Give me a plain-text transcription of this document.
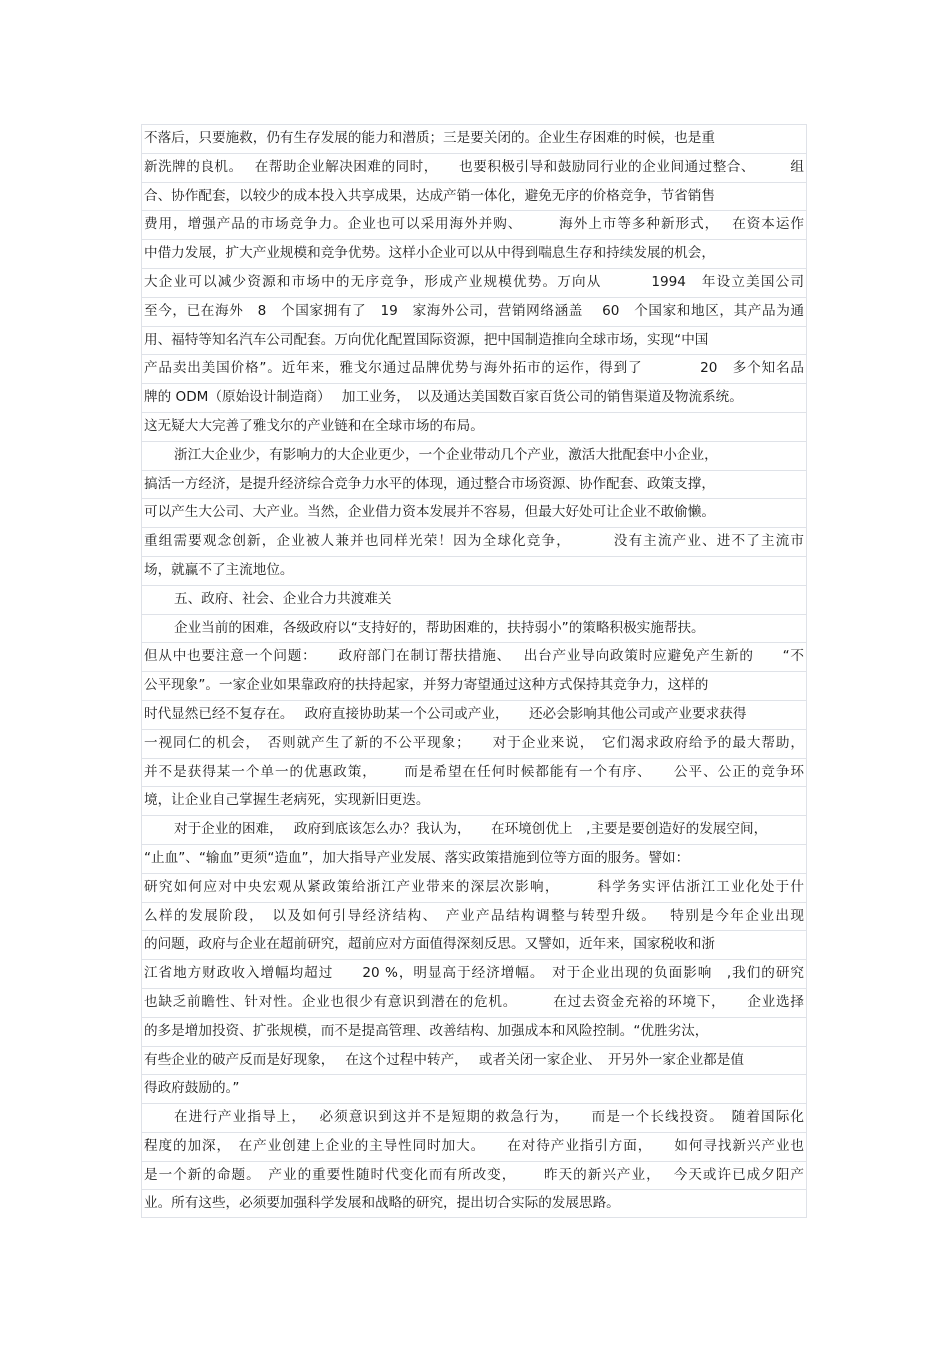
不落后，只要施救，仍有生存发展的能力和潜质；三是要关闭的。企业生存困难的时候，也是重
新洗牌的良机。　 在帮助企业解决困难的同时，　　也要积极引导和鼓励同行业的企业间通过整合、　　　组
合、协作配套，以较少的成本投入共享成果，达成产销一体化，避免无序的价格竞争，节省销售
费用，增强产品的市场竞争力。企业也可以采用海外并购、　　　海外上市等多种新形式，　 在资本运作
中借力发展，扩大产业规模和竞争优势。这样小企业可以从中得到喘息生存和持续发展的机会，
大企业可以减少资源和市场中的无序竞争，形成产业规模优势。万向从　　　 1994　年设立美国公司
至今，已在海外　8　个国家拥有了　19　家海外公司，营销网络涵盖　 60　个国家和地区，其产品为通
用、福特等知名汽车公司配套。万向优化配置国际资源，把中国制造推向全球市场，实现“中国
产品卖出美国价格”。近年来，雅戈尔通过品牌优势与海外拓市的运作，得到了　　　　20　多个知名品
牌的 ODM（原始设计制造商）　 加工业务，　以及通达美国数百家百货公司的销售渠道及物流系统。
这无疑大大完善了雅戈尔的产业链和在全球市场的布局。
浙江大企业少，有影响力的大企业更少，一个企业带动几个产业，激活大批配套中小企业，
搞活一方经济，是提升经济综合竞争力水平的体现，通过整合市场资源、协作配套、政策支撑，
可以产生大公司、大产业。当然，企业借力资本发展并不容易，但最大好处可让企业不敢偷懒。
重组需要观念创新，企业被人兼并也同样光荣！因为全球化竞争，　　　 没有主流产业、进不了主流市
场，就赢不了主流地位。
五、政府、社会、企业合力共渡难关
企业当前的困难，各级政府以“支持好的，帮助困难的，扶持弱小”的策略积极实施帮扶。
但从中也要注意一个问题：　　政府部门在制订帮扶措施、　 出台产业导向政策时应避免产生新的　　“不
公平现象”。一家企业如果靠政府的扶持起家，并努力寄望通过这种方式保持其竞争力，这样的
时代显然已经不复存在。　 政府直接协助某一个公司或产业，　　还必会影响其他公司或产业要求获得
一视同仁的机会，　否则就产生了新的不公平现象；　　对于企业来说，　它们渴求政府给予的最大帮助，
并不是获得某一个单一的优惠政策，　　 而是希望在任何时候都能有一个有序、　　公平、公正的竞争环
境，让企业自己掌握生老病死，实现新旧更迭。
对于企业的困难，　 政府到底该怎么办？我认为，　　在环境创优上　,主要是要创造好的发展空间，
“止血”、“输血”更须“造血”，加大指导产业发展、落实政策措施到位等方面的服务。譬如：
研究如何应对中央宏观从紧政策给浙江产业带来的深层次影响，　　　科学务实评估浙江工业化处于什
么样的发展阶段，　以及如何引导经济结构、　产业产品结构调整与转型升级。　 特别是今年企业出现
的问题，政府与企业在超前研究，超前应对方面值得深刻反思。又譬如，近年来，国家税收和浙
江省地方财政收入增幅均超过　　20 %，明显高于经济增幅。　对于企业出现的负面影响　,我们的研究
也缺乏前瞻性、针对性。企业也很少有意识到潜在的危机。　　　在过去资金充裕的环境下，　　企业选择
的多是增加投资、扩张规模，而不是提高管理、改善结构、加强成本和风险控制。“优胜劣汰，
有些企业的破产反而是好现象，　 在这个过程中转产，　 或者关闭一家企业、　开另外一家企业都是值
得政府鼓励的。”
在进行产业指导上，　 必须意识到这并不是短期的救急行为，　　而是一个长线投资。　随着国际化
程度的加深，　在产业创建上企业的主导性同时加大。　　在对待产业指引方面，　　如何寻找新兴产业也
是一个新的命题。　产业的重要性随时代变化而有所改变，　　 昨天的新兴产业，　 今天或许已成夕阳产
业。所有这些，必须要加强科学发展和战略的研究，提出切合实际的发展思路。
